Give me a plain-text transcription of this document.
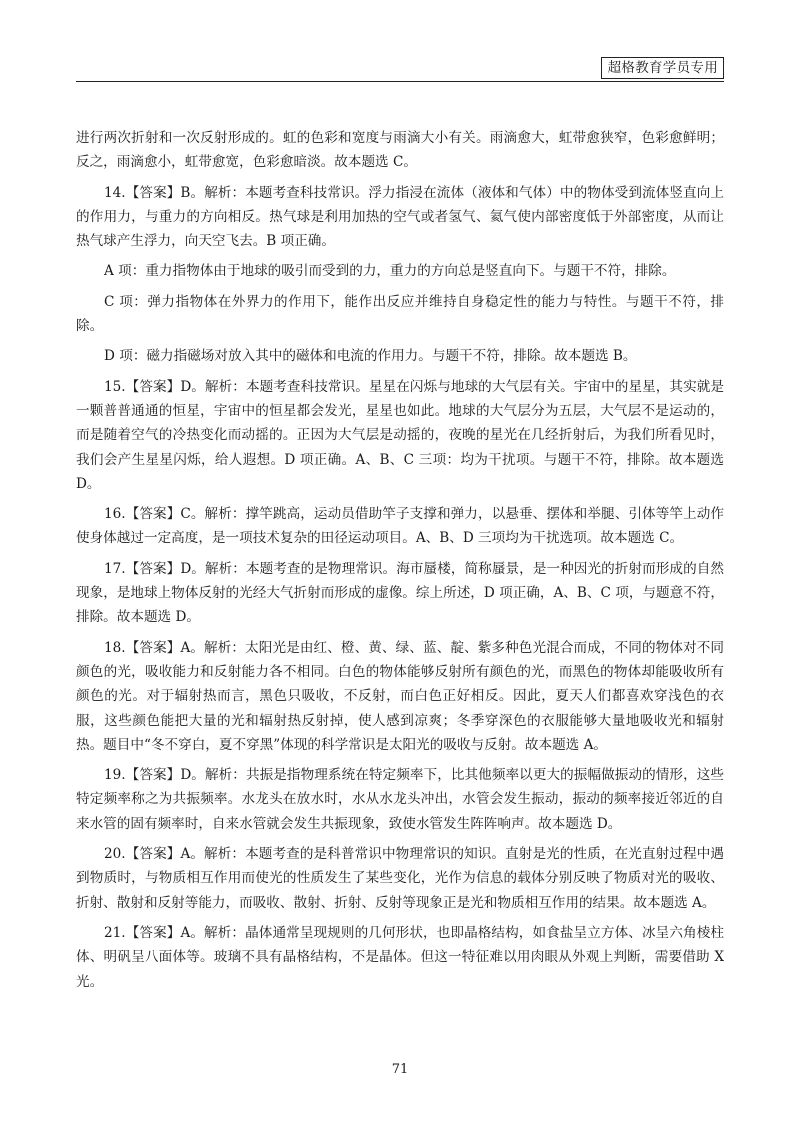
超格教育学员专用

进行两次折射和一次反射形成的。虹的色彩和宽度与雨滴大小有关。雨滴愈大，虹带愈狭窄，色彩愈鲜明；反之，雨滴愈小，虹带愈宽，色彩愈暗淡。故本题选 C。

14.【答案】B。解析：本题考查科技常识。浮力指浸在流体（液体和气体）中的物体受到流体竖直向上的作用力，与重力的方向相反。热气球是利用加热的空气或者氢气、氦气使内部密度低于外部密度，从而让热气球产生浮力，向天空飞去。B 项正确。

A 项：重力指物体由于地球的吸引而受到的力，重力的方向总是竖直向下。与题干不符，排除。

C 项：弹力指物体在外界力的作用下，能作出反应并维持自身稳定性的能力与特性。与题干不符，排除。

D 项：磁力指磁场对放入其中的磁体和电流的作用力。与题干不符，排除。故本题选 B。

15.【答案】D。解析：本题考查科技常识。星星在闪烁与地球的大气层有关。宇宙中的星星，其实就是一颗普普通通的恒星，宇宙中的恒星都会发光，星星也如此。地球的大气层分为五层，大气层不是运动的，而是随着空气的冷热变化而动摇的。正因为大气层是动摇的，夜晚的星光在几经折射后，为我们所看见时，我们会产生星星闪烁，给人遐想。D 项正确。A、B、C 三项：均为干扰项。与题干不符，排除。故本题选 D。

16.【答案】C。解析：撑竿跳高，运动员借助竿子支撑和弹力，以悬垂、摆体和举腿、引体等竿上动作使身体越过一定高度，是一项技术复杂的田径运动项目。A、B、D 三项均为干扰选项。故本题选 C。

17.【答案】D。解析：本题考查的是物理常识。海市蜃楼，简称蜃景，是一种因光的折射而形成的自然现象，是地球上物体反射的光经大气折射而形成的虚像。综上所述，D 项正确，A、B、C 项，与题意不符，排除。故本题选 D。

18.【答案】A。解析：太阳光是由红、橙、黄、绿、蓝、靛、紫多种色光混合而成，不同的物体对不同颜色的光，吸收能力和反射能力各不相同。白色的物体能够反射所有颜色的光，而黑色的物体却能吸收所有颜色的光。对于辐射热而言，黑色只吸收，不反射，而白色正好相反。因此，夏天人们都喜欢穿浅色的衣服，这些颜色能把大量的光和辐射热反射掉，使人感到凉爽；冬季穿深色的衣服能够大量地吸收光和辐射热。题目中“冬不穿白，夏不穿黑”体现的科学常识是太阳光的吸收与反射。故本题选 A。

19.【答案】D。解析：共振是指物理系统在特定频率下，比其他频率以更大的振幅做振动的情形，这些特定频率称之为共振频率。水龙头在放水时，水从水龙头冲出，水管会发生振动，振动的频率接近邻近的自来水管的固有频率时，自来水管就会发生共振现象，致使水管发生阵阵响声。故本题选 D。

20.【答案】A。解析：本题考查的是科普常识中物理常识的知识。直射是光的性质，在光直射过程中遇到物质时，与物质相互作用而使光的性质发生了某些变化，光作为信息的载体分别反映了物质对光的吸收、折射、散射和反射等能力，而吸收、散射、折射、反射等现象正是光和物质相互作用的结果。故本题选 A。

21.【答案】A。解析：晶体通常呈现规则的几何形状，也即晶格结构，如食盐呈立方体、冰呈六角棱柱体、明矾呈八面体等。玻璃不具有晶格结构，不是晶体。但这一特征难以用肉眼从外观上判断，需要借助 X 光。

71
